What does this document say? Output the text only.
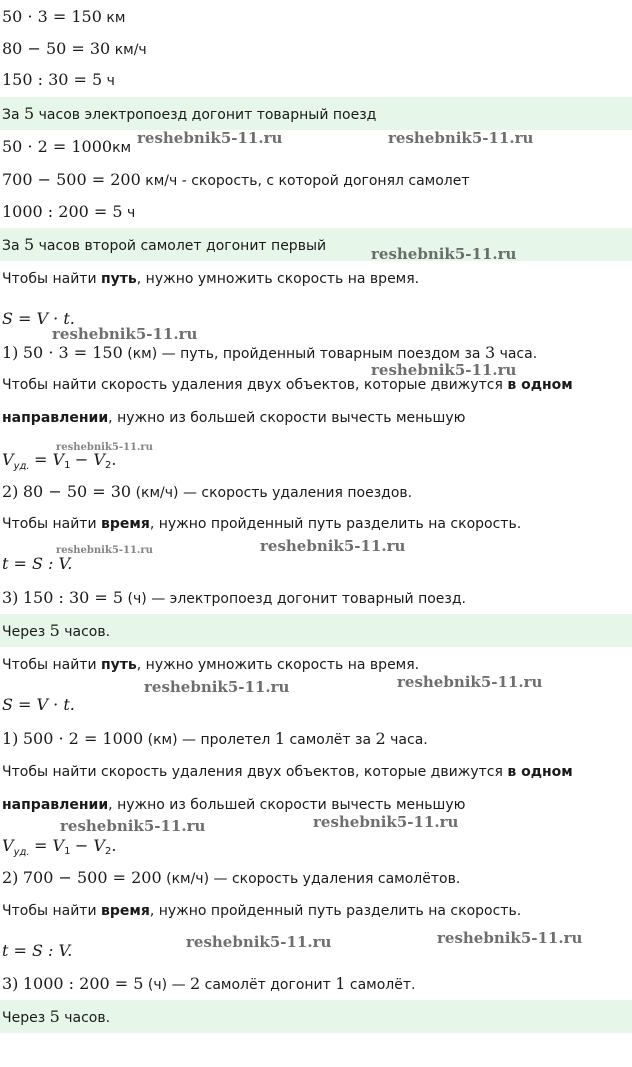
50 · 3 = 150 км
80 − 50 = 30 км/ч
150 : 30 = 5 ч
За 5 часов электропоезд догонит товарный поезд
50 · 2 = 1000км
700 − 500 = 200 км/ч - скорость, с которой догонял самолет
1000 : 200 = 5 ч
За 5 часов второй самолет догонит первый
Чтобы найти путь, нужно умножить скорость на время.
S = V · t.
1) 50 · 3 = 150 (км) — путь, пройденный товарным поездом за 3 часа.
Чтобы найти скорость удаления двух объектов, которые движутся в одном
направлении, нужно из большей скорости вычесть меньшую
$V_{уд.} = V_1 - V_2$.
2) 80 − 50 = 30 (км/ч) — скорость удаления поездов.
Чтобы найти время, нужно пройденный путь разделить на скорость.
t = S : V.
3) 150 : 30 = 5 (ч) — электропоезд догонит товарный поезд.
Через 5 часов.
Чтобы найти путь, нужно умножить скорость на время.
S = V · t.
1) 500 · 2 = 1000 (км) — пролетел 1 самолёт за 2 часа.
Чтобы найти скорость удаления двух объектов, которые движутся в одном
направлении, нужно из большей скорости вычесть меньшую
$V_{уд.} = V_1 - V_2$.
2) 700 − 500 = 200 (км/ч) — скорость удаления самолётов.
Чтобы найти время, нужно пройденный путь разделить на скорость.
t = S : V.
3) 1000 : 200 = 5 (ч) — 2 самолёт догонит 1 самолёт.
Через 5 часов.
reshebnik5-11.ru	reshebnik5-11.ru
reshebnik5-11.ru
reshebnik5-11.ru
reshebnik5-11.ru
reshebnik5-11.ru
reshebnik5-11.ru	reshebnik5-11.ru
reshebnik5-11.ru	reshebnik5-11.ru
reshebnik5-11.ru	reshebnik5-11.ru
reshebnik5-11.ru	reshebnik5-11.ru
